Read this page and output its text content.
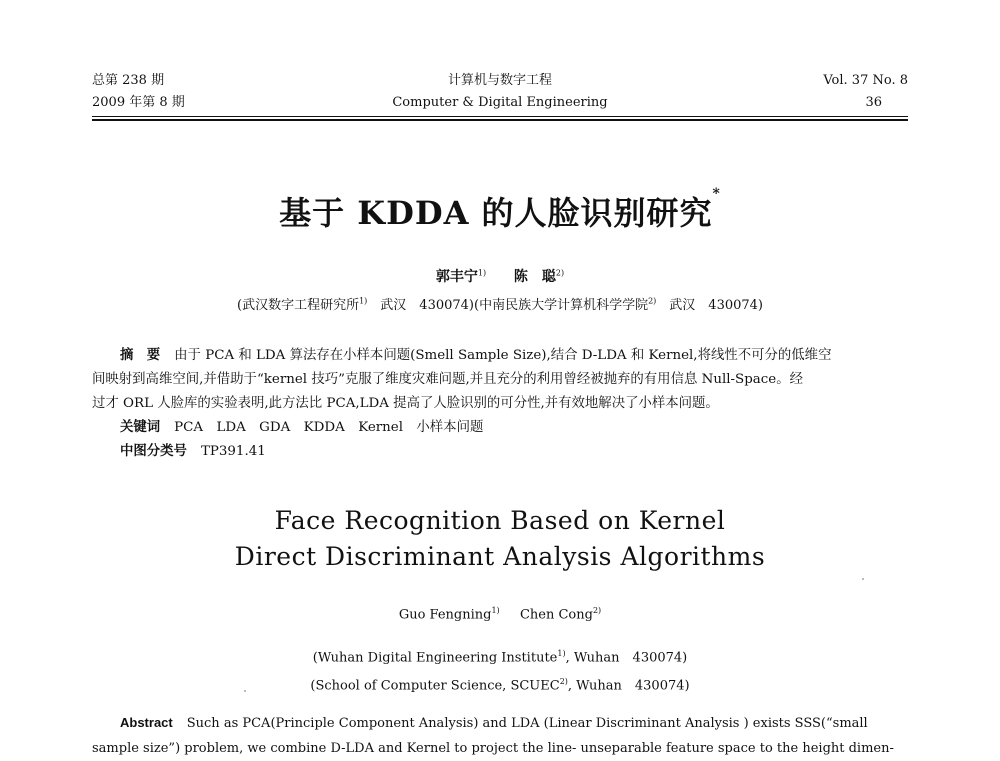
总第 238 期
2009 年第 8 期
计算机与数字工程
Computer & Digital Engineering
Vol. 37 No. 8
36
基于 KDDA 的人脸识别研究*
郭丰宁$^{1)}$ 陈　聪$^{2)}$
(武汉数字工程研究所$^{1)}$　武汉　430074)(中南民族大学计算机科学学院$^{2)}$　武汉　430074)

摘　要 由于 PCA 和 LDA 算法存在小样本问题(Smell Sample Size),结合 D-LDA 和 Kernel,将线性不可分的低维空

间映射到高维空间,并借助于“kernel 技巧”克服了维度灾难问题,并且充分的利用曾经被抛弃的有用信息 Null-Space。经

过才 ORL 人脸库的实验表明,此方法比 PCA,LDA 提高了人脸识别的可分性,并有效地解决了小样本问题。

关键词 PCA　LDA　GDA　KDDA　Kernel　小样本问题

中图分类号 TP391.41

Face Recognition Based on Kernel
Direct Discriminant Analysis Algorithms
Guo Fengning$^{1)}$ Chen Cong$^{2)}$
(Wuhan Digital Engineering Institute$^{1)}$, Wuhan　430074)
(School of Computer Science, SCUEC$^{2)}$, Wuhan　430074)

Abstract Such as PCA(Principle Component Analysis) and LDA (Linear Discriminant Analysis ) exists SSS(“small

sample size”) problem, we combine D-LDA and Kernel to project the line- unseparable feature space to the height dimen-
